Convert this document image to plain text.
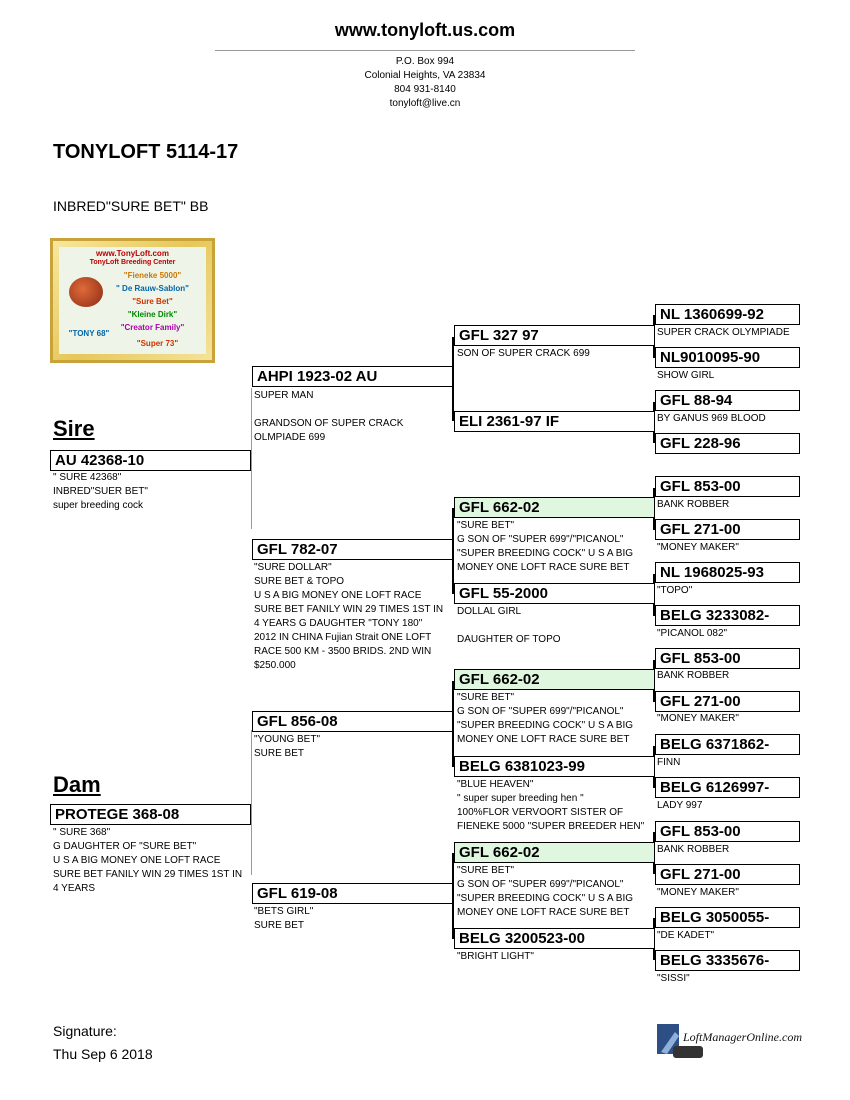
www.tonyloft.us.com
P.O. Box 994
Colonial Heights, VA 23834
804 931-8140
tonyloft@live.cn
TONYLOFT 5114-17
INBRED"SURE BET" BB
www.TonyLoft.com
TonyLoft Breeding Center
"Fieneke 5000"
" De Rauw-Sablon"
"Sure Bet"
"Kleine Dirk"
"Creator Family"
"TONY 68"
"Super 73"
Sire
AU 42368-10
" SURE 42368"
INBRED"SUER BET"
super breeding cock
Dam
PROTEGE 368-08
" SURE 368"
G DAUGHTER OF "SURE BET"
U S A BIG MONEY ONE LOFT RACE
SURE BET FANILY WIN 29 TIMES 1ST IN
4 YEARS
AHPI 1923-02 AU
SUPER MAN
GRANDSON OF SUPER CRACK
OLMPIADE 699
GFL 782-07
"SURE DOLLAR"
SURE BET & TOPO
U S A BIG MONEY ONE LOFT RACE
SURE BET FANILY WIN 29 TIMES 1ST IN
4 YEARS G DAUGHTER "TONY 180"
2012 IN CHINA Fujian Strait ONE LOFT
RACE 500 KM - 3500 BRIDS. 2ND WIN
$250.000
GFL 856-08
"YOUNG BET"
SURE BET
GFL 619-08
"BETS GIRL"
SURE BET
GFL 327 97
SON OF SUPER CRACK 699
ELI 2361-97 IF
GFL 662-02
"SURE BET"
G SON OF "SUPER 699"/"PICANOL"
"SUPER BREEDING COCK" U S A BIG
MONEY ONE LOFT RACE SURE BET
GFL 55-2000
DOLLAL GIRL
DAUGHTER OF TOPO
GFL 662-02
"SURE BET"
G SON OF "SUPER 699"/"PICANOL"
"SUPER BREEDING COCK" U S A BIG
MONEY ONE LOFT RACE SURE BET
BELG 6381023-99
"BLUE HEAVEN"
" super super breeding hen "
100%FLOR VERVOORT SISTER OF
FIENEKE 5000 "SUPER BREEDER HEN"
GFL 662-02
"SURE BET"
G SON OF "SUPER 699"/"PICANOL"
"SUPER BREEDING COCK" U S A BIG
MONEY ONE LOFT RACE SURE BET
BELG 3200523-00
"BRIGHT LIGHT"
NL 1360699-92
SUPER CRACK OLYMPIADE
NL9010095-90
SHOW GIRL
GFL 88-94
BY GANUS 969 BLOOD
GFL 228-96
GFL 853-00
BANK ROBBER
GFL 271-00
"MONEY MAKER"
NL 1968025-93
"TOPO"
BELG 3233082-
"PICANOL 082"
GFL 853-00
BANK ROBBER
GFL 271-00
"MONEY MAKER"
BELG 6371862-
FINN
BELG 6126997-
LADY 997
GFL 853-00
BANK ROBBER
GFL 271-00
"MONEY MAKER"
BELG 3050055-
"DE KADET"
BELG 3335676-
"SISSI"
Signature:
Thu Sep 6 2018
LoftManagerOnline.com
